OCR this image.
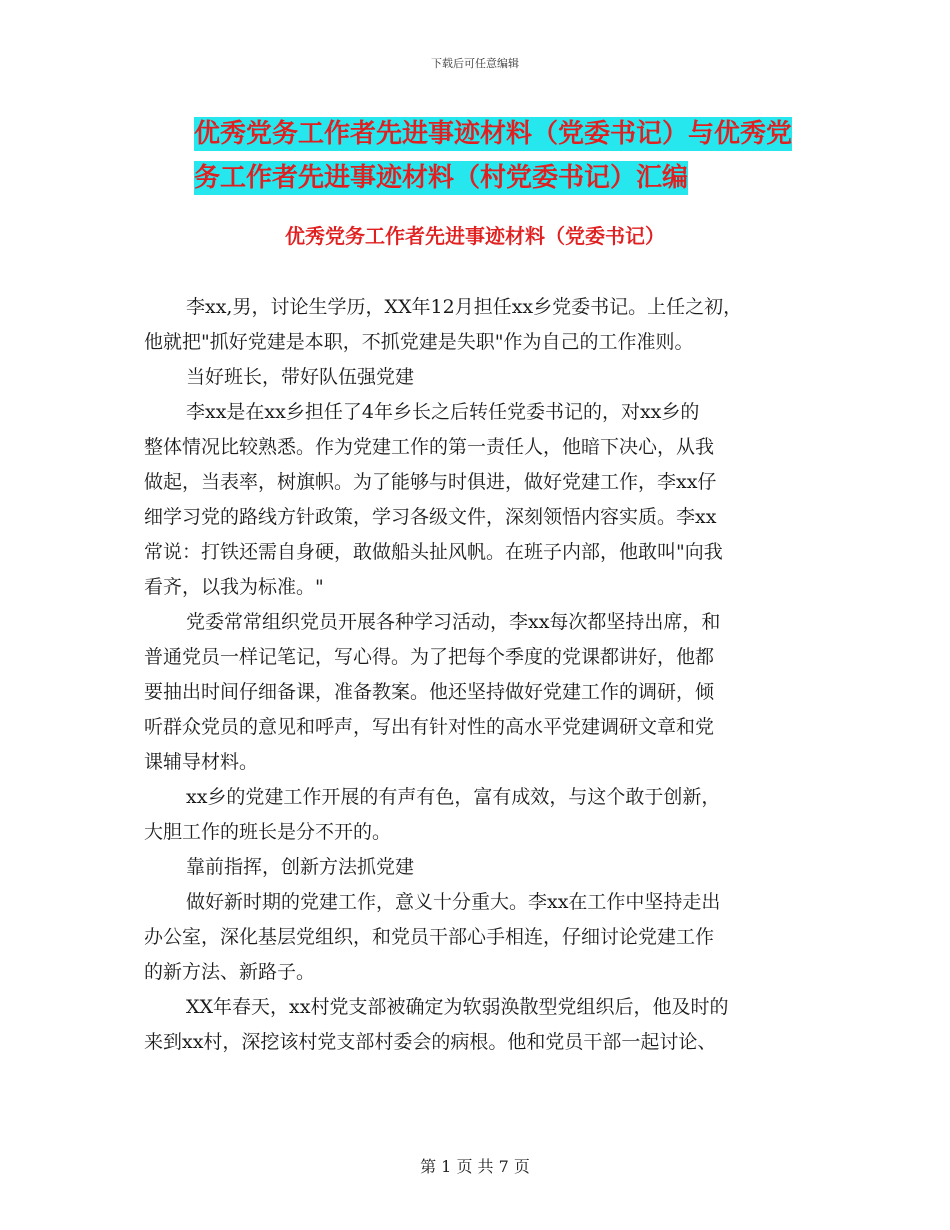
下载后可任意编辑
优秀党务工作者先进事迹材料（党委书记）与优秀党
务工作者先进事迹材料（村党委书记）汇编
优秀党务工作者先进事迹材料（党委书记）
李xx,男，讨论生学历，XX年12月担任xx乡党委书记。上任之初，
他就把"抓好党建是本职，不抓党建是失职"作为自己的工作准则。
当好班长，带好队伍强党建
李xx是在xx乡担任了4年乡长之后转任党委书记的，对xx乡的
整体情况比较熟悉。作为党建工作的第一责任人，他暗下决心，从我
做起，当表率，树旗帜。为了能够与时俱进，做好党建工作，李xx仔
细学习党的路线方针政策，学习各级文件，深刻领悟内容实质。李xx
常说：打铁还需自身硬，敢做船头扯风帆。在班子内部，他敢叫"向我
看齐，以我为标准。"
党委常常组织党员开展各种学习活动，李xx每次都坚持出席，和
普通党员一样记笔记，写心得。为了把每个季度的党课都讲好，他都
要抽出时间仔细备课，准备教案。他还坚持做好党建工作的调研，倾
听群众党员的意见和呼声，写出有针对性的高水平党建调研文章和党
课辅导材料。
xx乡的党建工作开展的有声有色，富有成效，与这个敢于创新，
大胆工作的班长是分不开的。
靠前指挥，创新方法抓党建
做好新时期的党建工作，意义十分重大。李xx在工作中坚持走出
办公室，深化基层党组织，和党员干部心手相连，仔细讨论党建工作
的新方法、新路子。
XX年春天，xx村党支部被确定为软弱涣散型党组织后，他及时的
来到xx村，深挖该村党支部村委会的病根。他和党员干部一起讨论、
第 1 页 共 7 页
